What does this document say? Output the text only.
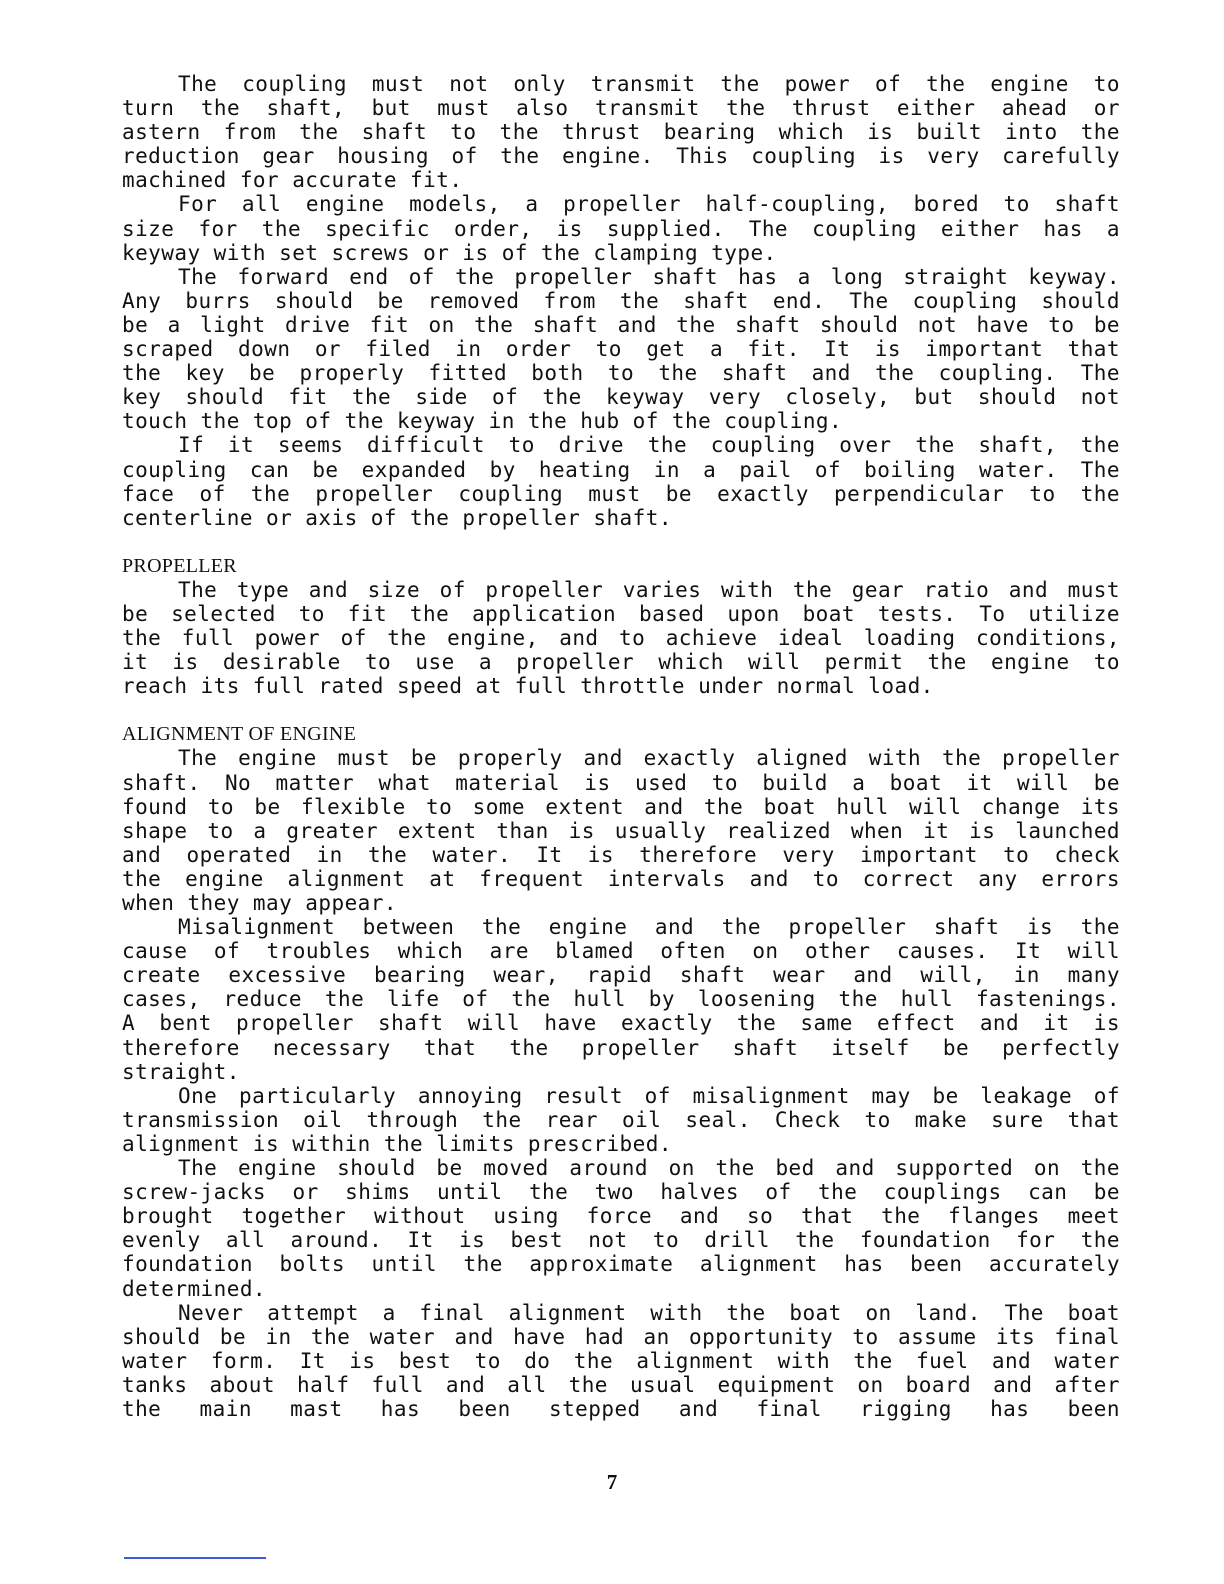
The coupling must not only transmit the power of the engine to
turn the shaft, but must also transmit the thrust either ahead or
astern from the shaft to the thrust bearing which is built into the
reduction gear housing of the engine. This coupling is very carefully
machined for accurate fit.
For all engine models, a propeller half-coupling, bored to shaft
size for the specific order, is supplied. The coupling either has a
keyway with set screws or is of the clamping type.
The forward end of the propeller shaft has a long straight keyway.
Any burrs should be removed from the shaft end. The coupling should
be a light drive fit on the shaft and the shaft should not have to be
scraped down or filed in order to get a fit. It is important that
the key be properly fitted both to the shaft and the coupling. The
key should fit the side of the keyway very closely, but should not
touch the top of the keyway in the hub of the coupling.
If it seems difficult to drive the coupling over the shaft, the
coupling can be expanded by heating in a pail of boiling water. The
face of the propeller coupling must be exactly perpendicular to the
centerline or axis of the propeller shaft.
PROPELLER
The type and size of propeller varies with the gear ratio and must
be selected to fit the application based upon boat tests. To utilize
the full power of the engine, and to achieve ideal loading conditions,
it is desirable to use a propeller which will permit the engine to
reach its full rated speed at full throttle under normal load.
ALIGNMENT OF ENGINE
The engine must be properly and exactly aligned with the propeller
shaft. No matter what material is used to build a boat it will be
found to be flexible to some extent and the boat hull will change its
shape to a greater extent than is usually realized when it is launched
and operated in the water. It is therefore very important to check
the engine alignment at frequent intervals and to correct any errors
when they may appear.
Misalignment between the engine and the propeller shaft is the
cause of troubles which are blamed often on other causes. It will
create excessive bearing wear, rapid shaft wear and will, in many
cases, reduce the life of the hull by loosening the hull fastenings.
A bent propeller shaft will have exactly the same effect and it is
therefore necessary that the propeller shaft itself be perfectly
straight.
One particularly annoying result of misalignment may be leakage of
transmission oil through the rear oil seal. Check to make sure that
alignment is within the limits prescribed.
The engine should be moved around on the bed and supported on the
screw-jacks or shims until the two halves of the couplings can be
brought together without using force and so that the flanges meet
evenly all around. It is best not to drill the foundation for the
foundation bolts until the approximate alignment has been accurately
determined.
Never attempt a final alignment with the boat on land. The boat
should be in the water and have had an opportunity to assume its final
water form. It is best to do the alignment with the fuel and water
tanks about half full and all the usual equipment on board and after
the main mast has been stepped and final rigging has been
7
